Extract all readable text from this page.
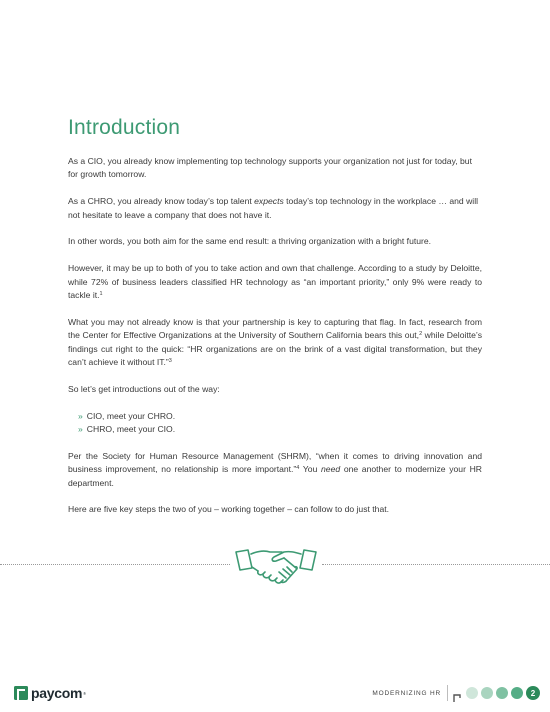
Introduction

As a CIO, you already know implementing top technology supports your organization not just for today, but for growth tomorrow.

As a CHRO, you already know today’s top talent expects today’s top technology in the workplace … and will not hesitate to leave a company that does not have it.

In other words, you both aim for the same end result: a thriving organization with a bright future.

However, it may be up to both of you to take action and own that challenge. According to a study by Deloitte, while 72% of business leaders classified HR technology as “an important priority,” only 9% were ready to tackle it.$^1$

What you may not already know is that your partnership is key to capturing that flag. In fact, research from the Center for Effective Organizations at the University of Southern California bears this out,$^2$ while Deloitte’s findings cut right to the quick: “HR organizations are on the brink of a vast digital transformation, but they can’t achieve it without IT.”$^3$

So let’s get introductions out of the way:

» CIO, meet your CHRO.
» CHRO, meet your CIO.

Per the Society for Human Resource Management (SHRM), “when it comes to driving innovation and business improvement, no relationship is more important.”$^4$ You need one another to modernize your HR department.

Here are five key steps the two of you – working together – can follow to do just that.

paycom ®	MODERNIZING HR	2
